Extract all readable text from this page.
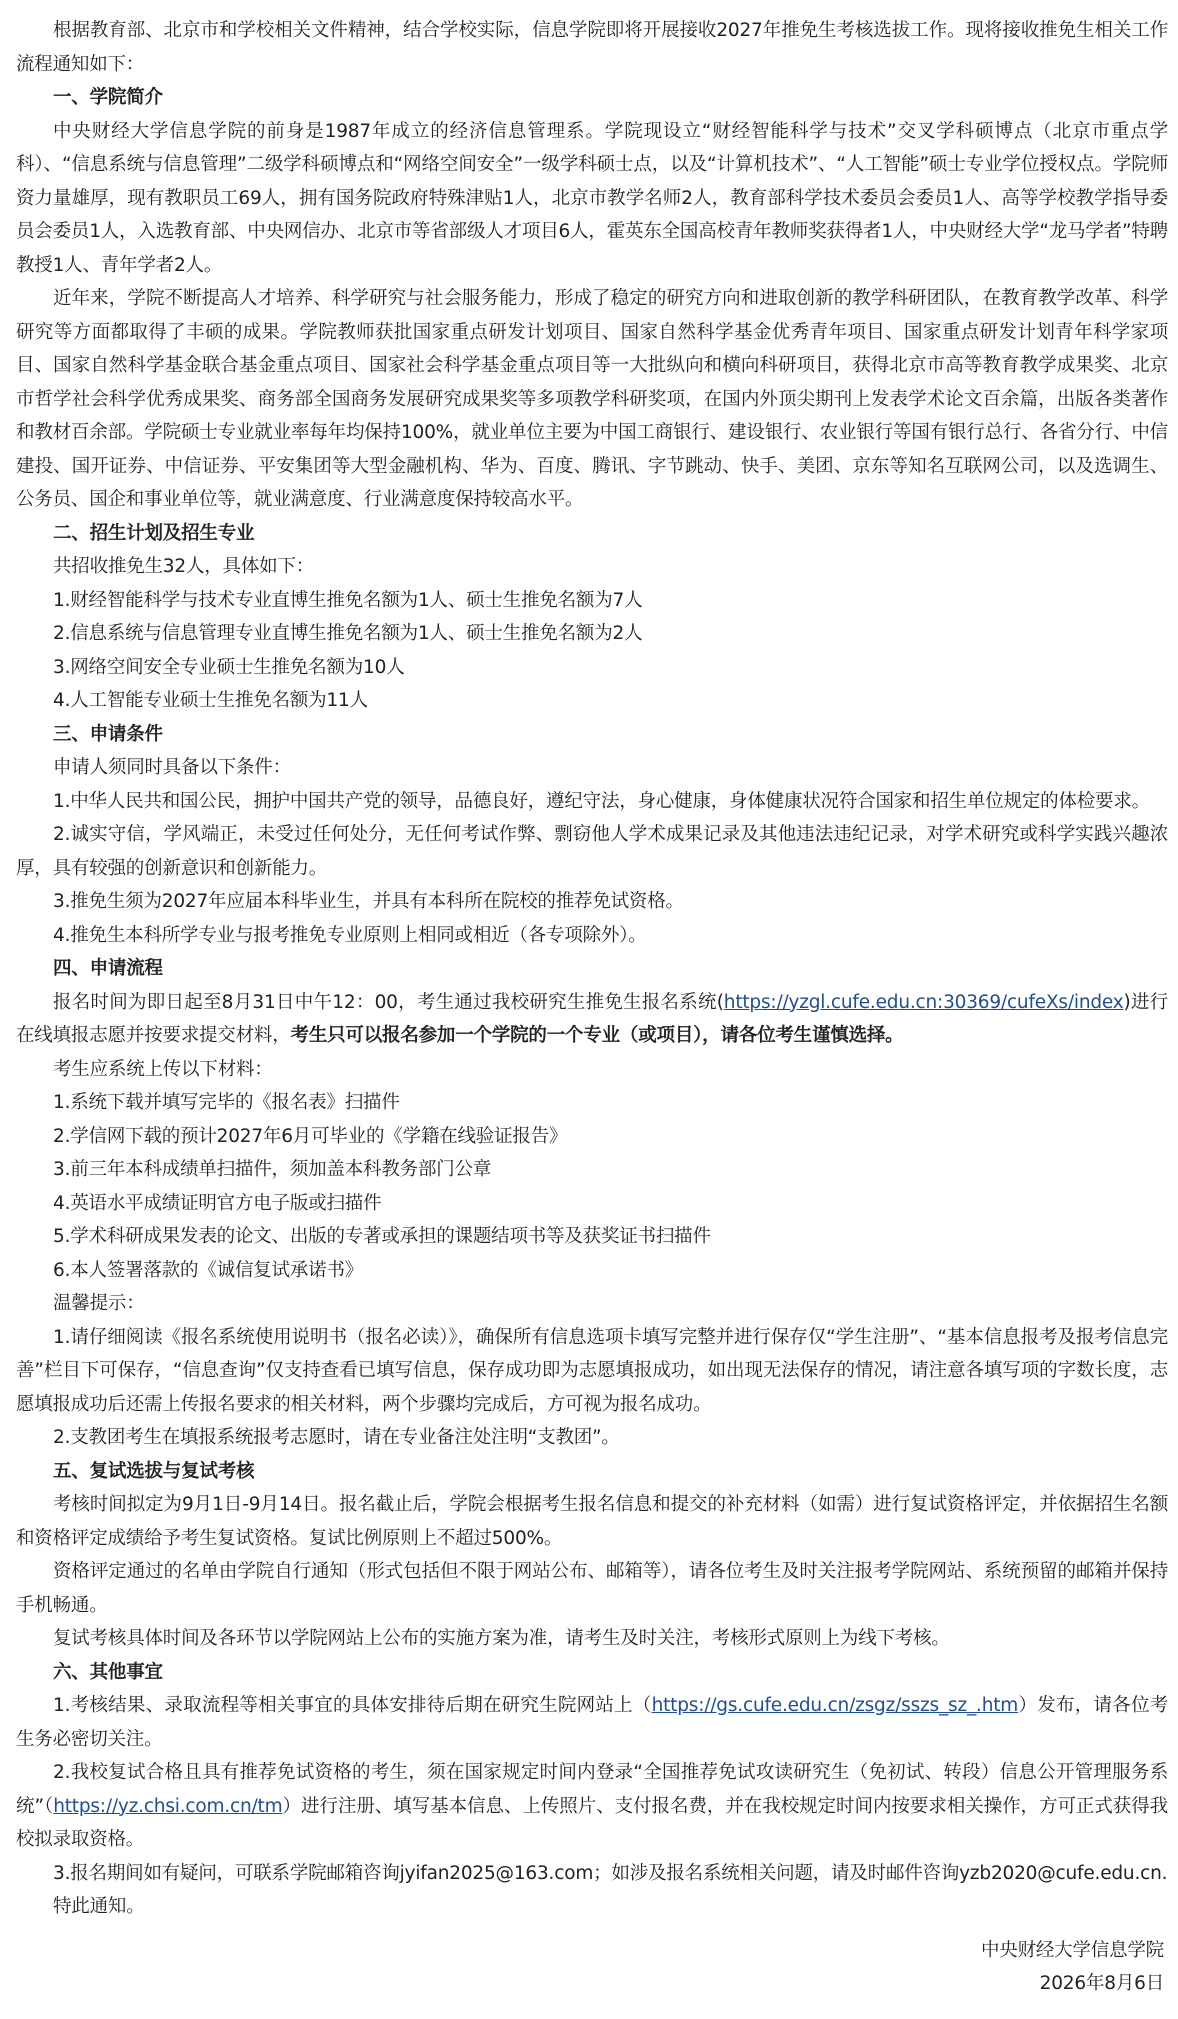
根据教育部、北京市和学校相关文件精神，结合学校实际，信息学院即将开展接收2027年推免生考核选拔工作。现将接收推免生相关工作流程通知如下：

一、学院简介

中央财经大学信息学院的前身是1987年成立的经济信息管理系。学院现设立“财经智能科学与技术”交叉学科硕博点（北京市重点学科）、“信息系统与信息管理”二级学科硕博点和“网络空间安全”一级学科硕士点，以及“计算机技术”、“人工智能”硕士专业学位授权点。学院师资力量雄厚，现有教职员工69人，拥有国务院政府特殊津贴1人，北京市教学名师2人，教育部科学技术委员会委员1人、高等学校教学指导委员会委员1人，入选教育部、中央网信办、北京市等省部级人才项目6人，霍英东全国高校青年教师奖获得者1人，中央财经大学“龙马学者”特聘教授1人、青年学者2人。

近年来，学院不断提高人才培养、科学研究与社会服务能力，形成了稳定的研究方向和进取创新的教学科研团队，在教育教学改革、科学研究等方面都取得了丰硕的成果。学院教师获批国家重点研发计划项目、国家自然科学基金优秀青年项目、国家重点研发计划青年科学家项目、国家自然科学基金联合基金重点项目、国家社会科学基金重点项目等一大批纵向和横向科研项目，获得北京市高等教育教学成果奖、北京市哲学社会科学优秀成果奖、商务部全国商务发展研究成果奖等多项教学科研奖项，在国内外顶尖期刊上发表学术论文百余篇，出版各类著作和教材百余部。学院硕士专业就业率每年均保持100%，就业单位主要为中国工商银行、建设银行、农业银行等国有银行总行、各省分行、中信建投、国开证券、中信证券、平安集团等大型金融机构、华为、百度、腾讯、字节跳动、快手、美团、京东等知名互联网公司，以及选调生、公务员、国企和事业单位等，就业满意度、行业满意度保持较高水平。

二、招生计划及招生专业

共招收推免生32人，具体如下：

1.财经智能科学与技术专业直博生推免名额为1人、硕士生推免名额为7人

2.信息系统与信息管理专业直博生推免名额为1人、硕士生推免名额为2人

3.网络空间安全专业硕士生推免名额为10人

4.人工智能专业硕士生推免名额为11人

三、申请条件

申请人须同时具备以下条件：

1.中华人民共和国公民，拥护中国共产党的领导，品德良好，遵纪守法，身心健康，身体健康状况符合国家和招生单位规定的体检要求。

2.诚实守信，学风端正，未受过任何处分，无任何考试作弊、剽窃他人学术成果记录及其他违法违纪记录，对学术研究或科学实践兴趣浓厚，具有较强的创新意识和创新能力。

3.推免生须为2027年应届本科毕业生，并具有本科所在院校的推荐免试资格。

4.推免生本科所学专业与报考推免专业原则上相同或相近（各专项除外）。

四、申请流程

报名时间为即日起至8月31日中午12：00，考生通过我校研究生推免生报名系统(https://yzgl.cufe.edu.cn:30369/cufeXs/index)进行在线填报志愿并按要求提交材料，考生只可以报名参加一个学院的一个专业（或项目），请各位考生谨慎选择。

考生应系统上传以下材料：

1.系统下载并填写完毕的《报名表》扫描件

2.学信网下载的预计2027年6月可毕业的《学籍在线验证报告》

3.前三年本科成绩单扫描件，须加盖本科教务部门公章

4.英语水平成绩证明官方电子版或扫描件

5.学术科研成果发表的论文、出版的专著或承担的课题结项书等及获奖证书扫描件

6.本人签署落款的《诚信复试承诺书》

温馨提示：

1.请仔细阅读《报名系统使用说明书（报名必读）》，确保所有信息选项卡填写完整并进行保存仅“学生注册”、“基本信息报考及报考信息完善”栏目下可保存，“信息查询”仅支持查看已填写信息，保存成功即为志愿填报成功，如出现无法保存的情况，请注意各填写项的字数长度，志愿填报成功后还需上传报名要求的相关材料，两个步骤均完成后，方可视为报名成功。

2.支教团考生在填报系统报考志愿时，请在专业备注处注明“支教团”。

五、复试选拔与复试考核

考核时间拟定为9月1日-9月14日。报名截止后，学院会根据考生报名信息和提交的补充材料（如需）进行复试资格评定，并依据招生名额和资格评定成绩给予考生复试资格。复试比例原则上不超过500%。

资格评定通过的名单由学院自行通知（形式包括但不限于网站公布、邮箱等），请各位考生及时关注报考学院网站、系统预留的邮箱并保持手机畅通。

复试考核具体时间及各环节以学院网站上公布的实施方案为准，请考生及时关注，考核形式原则上为线下考核。

六、其他事宜

1.考核结果、录取流程等相关事宜的具体安排待后期在研究生院网站上（https://gs.cufe.edu.cn/zsgz/sszs_sz_.htm）发布，请各位考生务必密切关注。

2.我校复试合格且具有推荐免试资格的考生，须在国家规定时间内登录“全国推荐免试攻读研究生（免初试、转段）信息公开管理服务系统”（https://yz.chsi.com.cn/tm）进行注册、填写基本信息、上传照片、支付报名费，并在我校规定时间内按要求相关操作，方可正式获得我校拟录取资格。

3.报名期间如有疑问，可联系学院邮箱咨询jyifan2025@163.com；如涉及报名系统相关问题，请及时邮件咨询yzb2020@cufe.edu.cn.

特此通知。

中央财经大学信息学院

2026年8月6日
